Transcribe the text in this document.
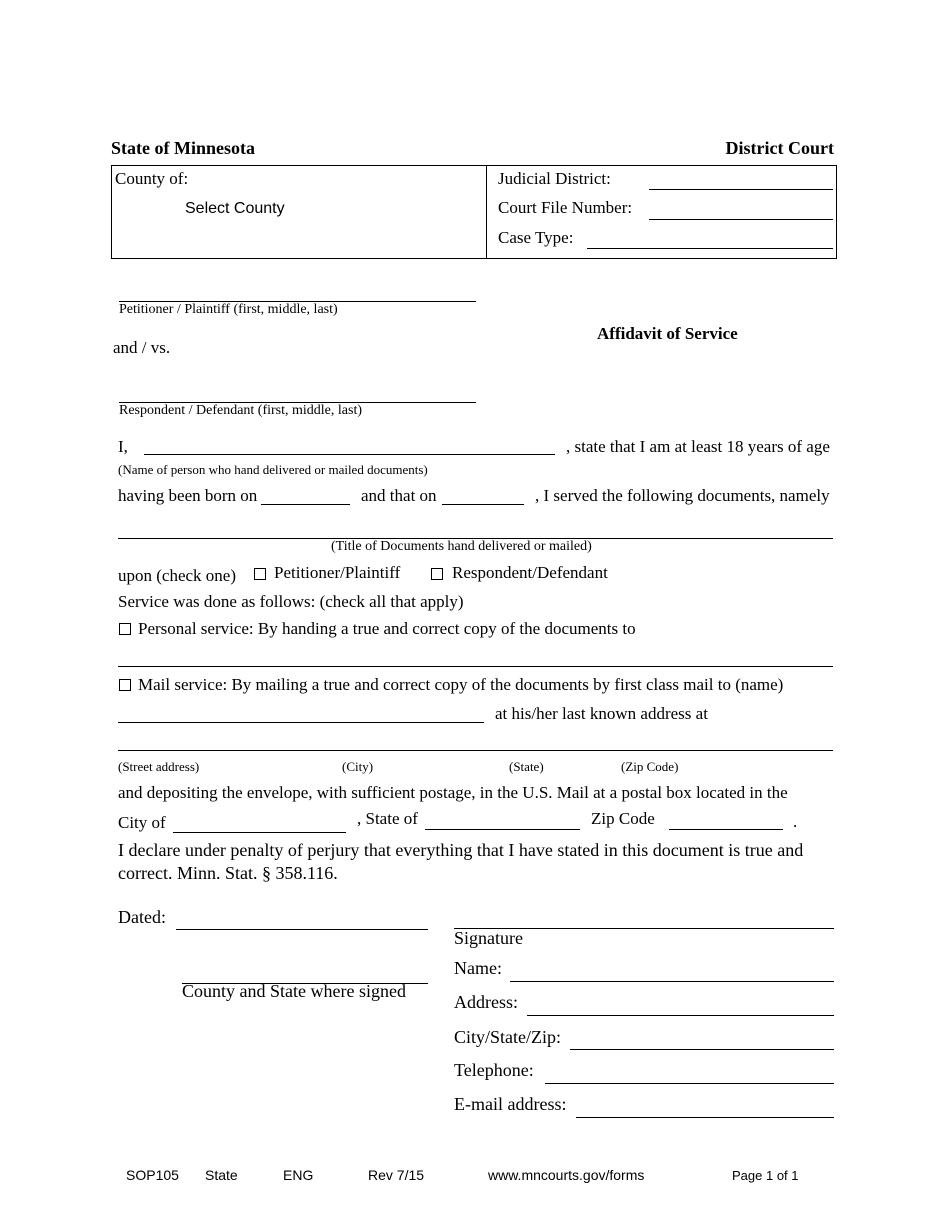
State of Minnesota	District Court
County of:
Select County
Judicial District:
Court File Number:
Case Type:
Petitioner / Plaintiff (first, middle, last)
and / vs.
Affidavit of Service
Respondent / Defendant (first, middle, last)
I,	, state that I am at least 18 years of age
(Name of person who hand delivered or mailed documents)
having been born on	and that on	, I served the following documents, namely
(Title of Documents hand delivered or mailed)
upon (check one) Petitioner/Plaintiff	Respondent/Defendant
Service was done as follows: (check all that apply)
Personal service: By handing a true and correct copy of the documents to
Mail service: By mailing a true and correct copy of the documents by first class mail to (name)
at his/her last known address at
(Street address)	(City)	(State)	(Zip Code)
and depositing the envelope, with sufficient postage, in the U.S. Mail at a postal box located in the
City of	, State of	Zip Code	.
I declare under penalty of perjury that everything that I have stated in this document is true and
correct. Minn. Stat. § 358.116.
Dated:
County and State where signed
Signature
Name:
Address:
City/State/Zip:
Telephone:
E-mail address:
SOP105 State	ENG	Rev 7/15	www.mncourts.gov/forms	Page 1 of 1
